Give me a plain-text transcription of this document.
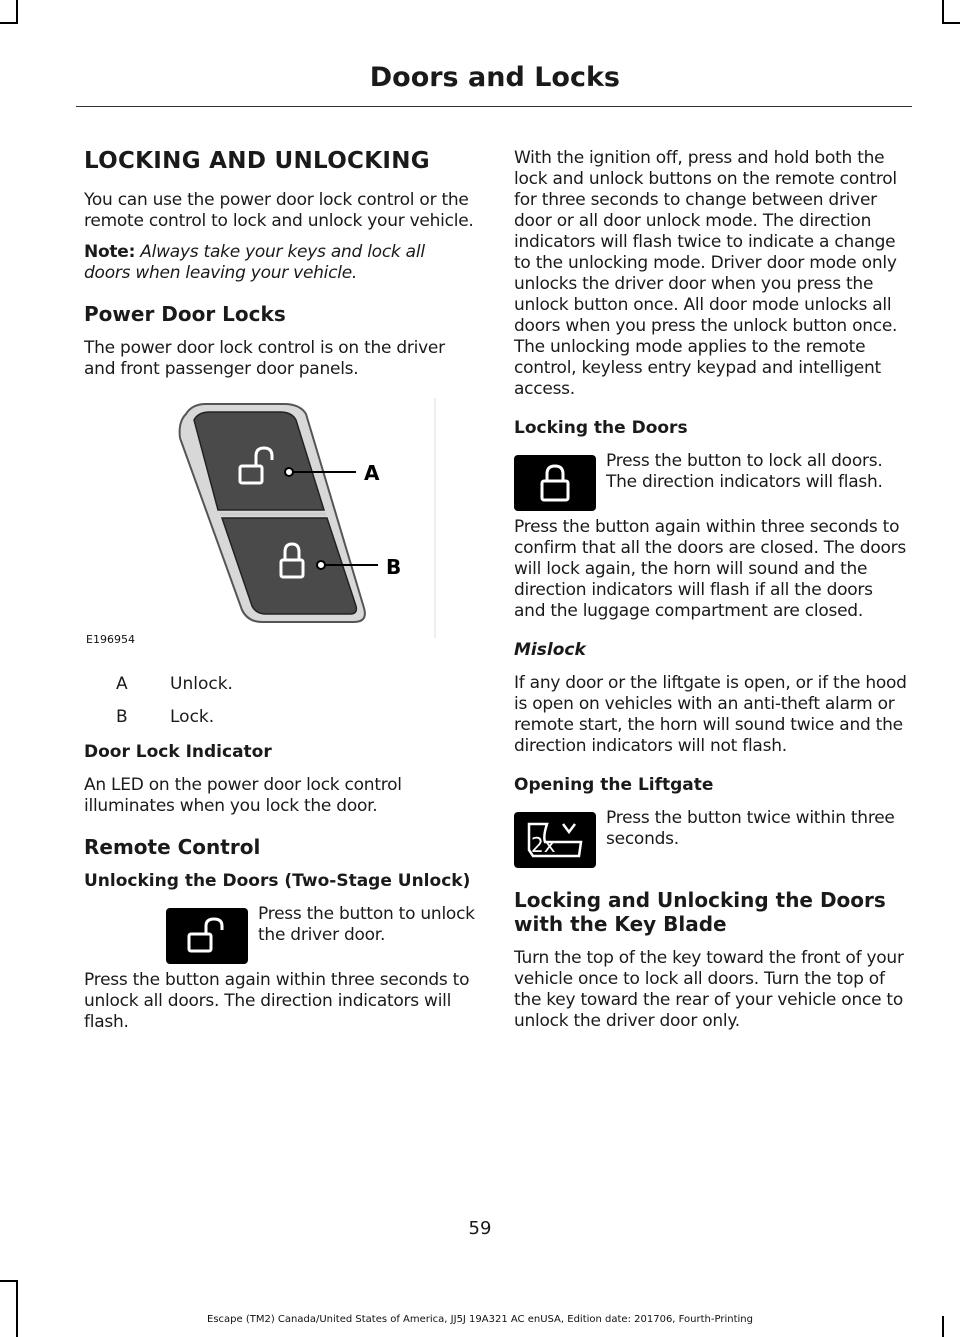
Doors and Locks
LOCKING AND UNLOCKING

You can use the power door lock control or the remote control to lock and unlock your vehicle.

Note: Always take your keys and lock all doors when leaving your vehicle.

Power Door Locks

The power door lock control is on the driver and front passenger door panels.

A
B
E196954
A	Unlock.
B	Lock.
Door Lock Indicator

An LED on the power door lock control illuminates when you lock the door.

Remote Control
Unlocking the Doors (Two-Stage Unlock)

Press the button to unlock the driver door.

Press the button again within three seconds to unlock all doors. The direction indicators will flash.

With the ignition off, press and hold both the lock and unlock buttons on the remote control for three seconds to change between driver door or all door unlock mode. The direction indicators will flash twice to indicate a change to the unlocking mode. Driver door mode only unlocks the driver door when you press the unlock button once. All door mode unlocks all doors when you press the unlock button once. The unlocking mode applies to the remote control, keyless entry keypad and intelligent access.

Locking the Doors

Press the button to lock all doors. The direction indicators will flash.

Press the button again within three seconds to confirm that all the doors are closed. The doors will lock again, the horn will sound and the direction indicators will flash if all the doors and the luggage compartment are closed.

Mislock

If any door or the liftgate is open, or if the hood is open on vehicles with an anti-theft alarm or remote start, the horn will sound twice and the direction indicators will not flash.

Opening the Liftgate
2x

Press the button twice within three seconds.

Locking and Unlocking the Doors with the Key Blade

Turn the top of the key toward the front of your vehicle once to lock all doors. Turn the top of the key toward the rear of your vehicle once to unlock the driver door only.

59
Escape (TM2) Canada/United States of America, JJ5J 19A321 AC enUSA, Edition date: 201706, Fourth-Printing
